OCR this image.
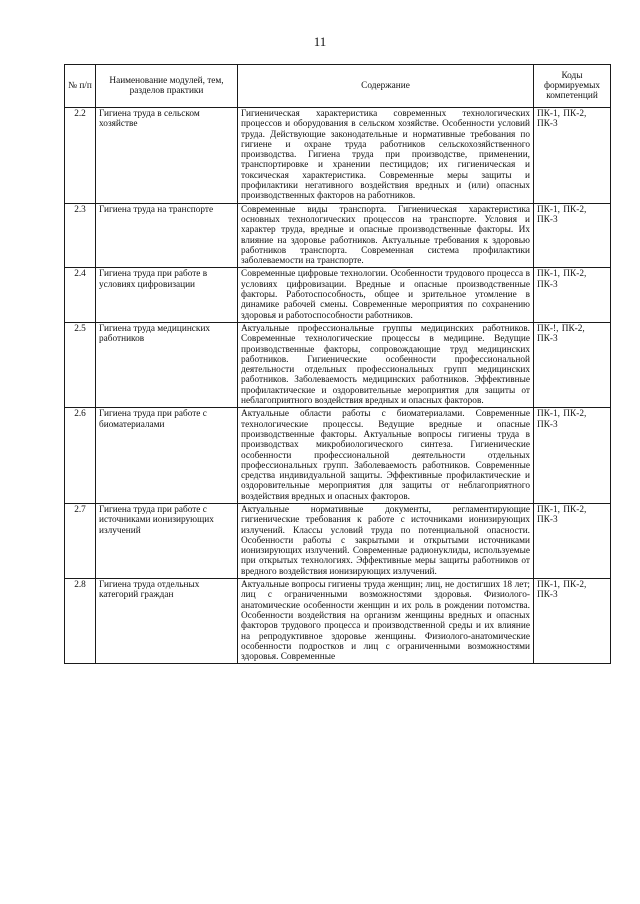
11
№ п/п	Наименование модулей, тем, разделов практики	Содержание	Коды формируемых компетенций
2.2	Гигиена труда в сельском хозяйстве	Гигиеническая характеристика современных технологических процессов и оборудования в сельском хозяйстве. Особенности условий труда. Действующие законодательные и нормативные требования по гигиене и охране труда работников сельскохозяйственного производства. Гигиена труда при производстве, применении, транспортировке и хранении пестицидов; их гигиеническая и токсическая характеристика. Современные меры защиты и профилактики негативного воздействия вредных и (или) опасных производственных факторов на работников.	ПК-1, ПК-2, ПК-3
2.3	Гигиена труда на транспорте	Современные виды транспорта. Гигиеническая характеристика основных технологических процессов на транспорте. Условия и характер труда, вредные и опасные производственные факторы. Их влияние на здоровье работников. Актуальные требования к здоровью работников транспорта. Современная система профилактики заболеваемости на транспорте.	ПК-1, ПК-2, ПК-3
2.4	Гигиена труда при работе в условиях цифровизации	Современные цифровые технологии. Особенности трудового процесса в условиях цифровизации. Вредные и опасные производственные факторы. Работоспособность, общее и зрительное утомление в динамике рабочей смены. Современные мероприятия по сохранению здоровья и работоспособности работников.	ПК-1, ПК-2, ПК-3
2.5	Гигиена труда медицинских работников	Актуальные профессиональные группы медицинских работников. Современные технологические процессы в медицине. Ведущие производственные факторы, сопровождающие труд медицинских работников. Гигиенические особенности профессиональной деятельности отдельных профессиональных групп медицинских работников. Заболеваемость медицинских работников. Эффективные профилактические и оздоровительные мероприятия для защиты от неблагоприятного воздействия вредных и опасных факторов.	ПК-!, ПК-2, ПК-3
2.6	Гигиена труда при работе с биоматериалами	Актуальные области работы с биоматериалами. Современные технологические процессы. Ведущие вредные и опасные производственные факторы. Актуальные вопросы гигиены труда в производствах микробиологического синтеза. Гигиенические особенности профессиональной деятельности отдельных профессиональных групп. Заболеваемость работников. Современные средства индивидуальной защиты. Эффективные профилактические и оздоровительные мероприятия для защиты от неблагоприятного воздействия вредных и опасных факторов.	ПК-1, ПК-2, ПК-3
2.7	Гигиена труда при работе с источниками ионизирующих излучений	Актуальные нормативные документы, регламентирующие гигиенические требования к работе с источниками ионизирующих излучений. Классы условий труда по потенциальной опасности. Особенности работы с закрытыми и открытыми источниками ионизирующих излучений. Современные радионуклиды, используемые при открытых технологиях. Эффективные меры защиты работников от вредного воздействия ионизирующих излучений.	ПК-1, ПК-2, ПК-3
2.8	Гигиена труда отдельных категорий граждан	Актуальные вопросы гигиены труда женщин; лиц, не достигших 18 лет; лиц с ограниченными возможностями здоровья. Физиолого-анатомические особенности женщин и их роль в рождении потомства. Особенности воздействия на организм женщины вредных и опасных факторов трудового процесса и производственной среды и их влияние на репродуктивное здоровье женщины. Физиолого-анатомические особенности подростков и лиц с ограниченными возможностями здоровья. Современные	ПК-1, ПК-2, ПК-3
